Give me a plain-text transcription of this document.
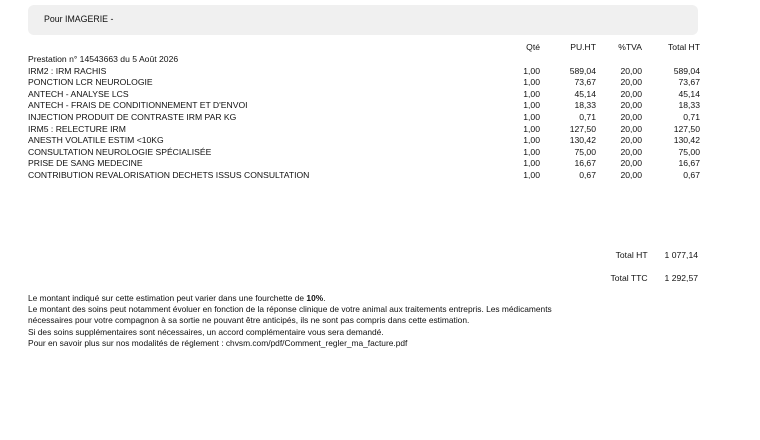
Pour IMAGERIE -
	Qté	PU.HT	%TVA	Total HT
Prestation n° 14543663 du 5 Août 2026				
IRM2 : IRM RACHIS	1,00	589,04	20,00	589,04
PONCTION LCR NEUROLOGIE	1,00	73,67	20,00	73,67
ANTECH - ANALYSE LCS	1,00	45,14	20,00	45,14
ANTECH - FRAIS DE CONDITIONNEMENT ET D'ENVOI	1,00	18,33	20,00	18,33
INJECTION PRODUIT DE CONTRASTE IRM PAR KG	1,00	0,71	20,00	0,71
IRM5 : RELECTURE IRM	1,00	127,50	20,00	127,50
ANESTH VOLATILE ESTIM <10KG	1,00	130,42	20,00	130,42
CONSULTATION NEUROLOGIE SPÉCIALISÉE	1,00	75,00	20,00	75,00
PRISE DE SANG MEDECINE	1,00	16,67	20,00	16,67
CONTRIBUTION REVALORISATION DECHETS ISSUS CONSULTATION	1,00	0,67	20,00	0,67
Total HT 1 077,14
Total TTC 1 292,57

Le montant indiqué sur cette estimation peut varier dans une fourchette de 10%.

Le montant des soins peut notamment évoluer en fonction de la réponse clinique de votre animal aux traitements entrepris. Les médicaments

nécessaires pour votre compagnon à sa sortie ne pouvant être anticipés, ils ne sont pas compris dans cette estimation.

Si des soins supplémentaires sont nécessaires, un accord complémentaire vous sera demandé.

Pour en savoir plus sur nos modalités de réglement : chvsm.com/pdf/Comment_regler_ma_facture.pdf
